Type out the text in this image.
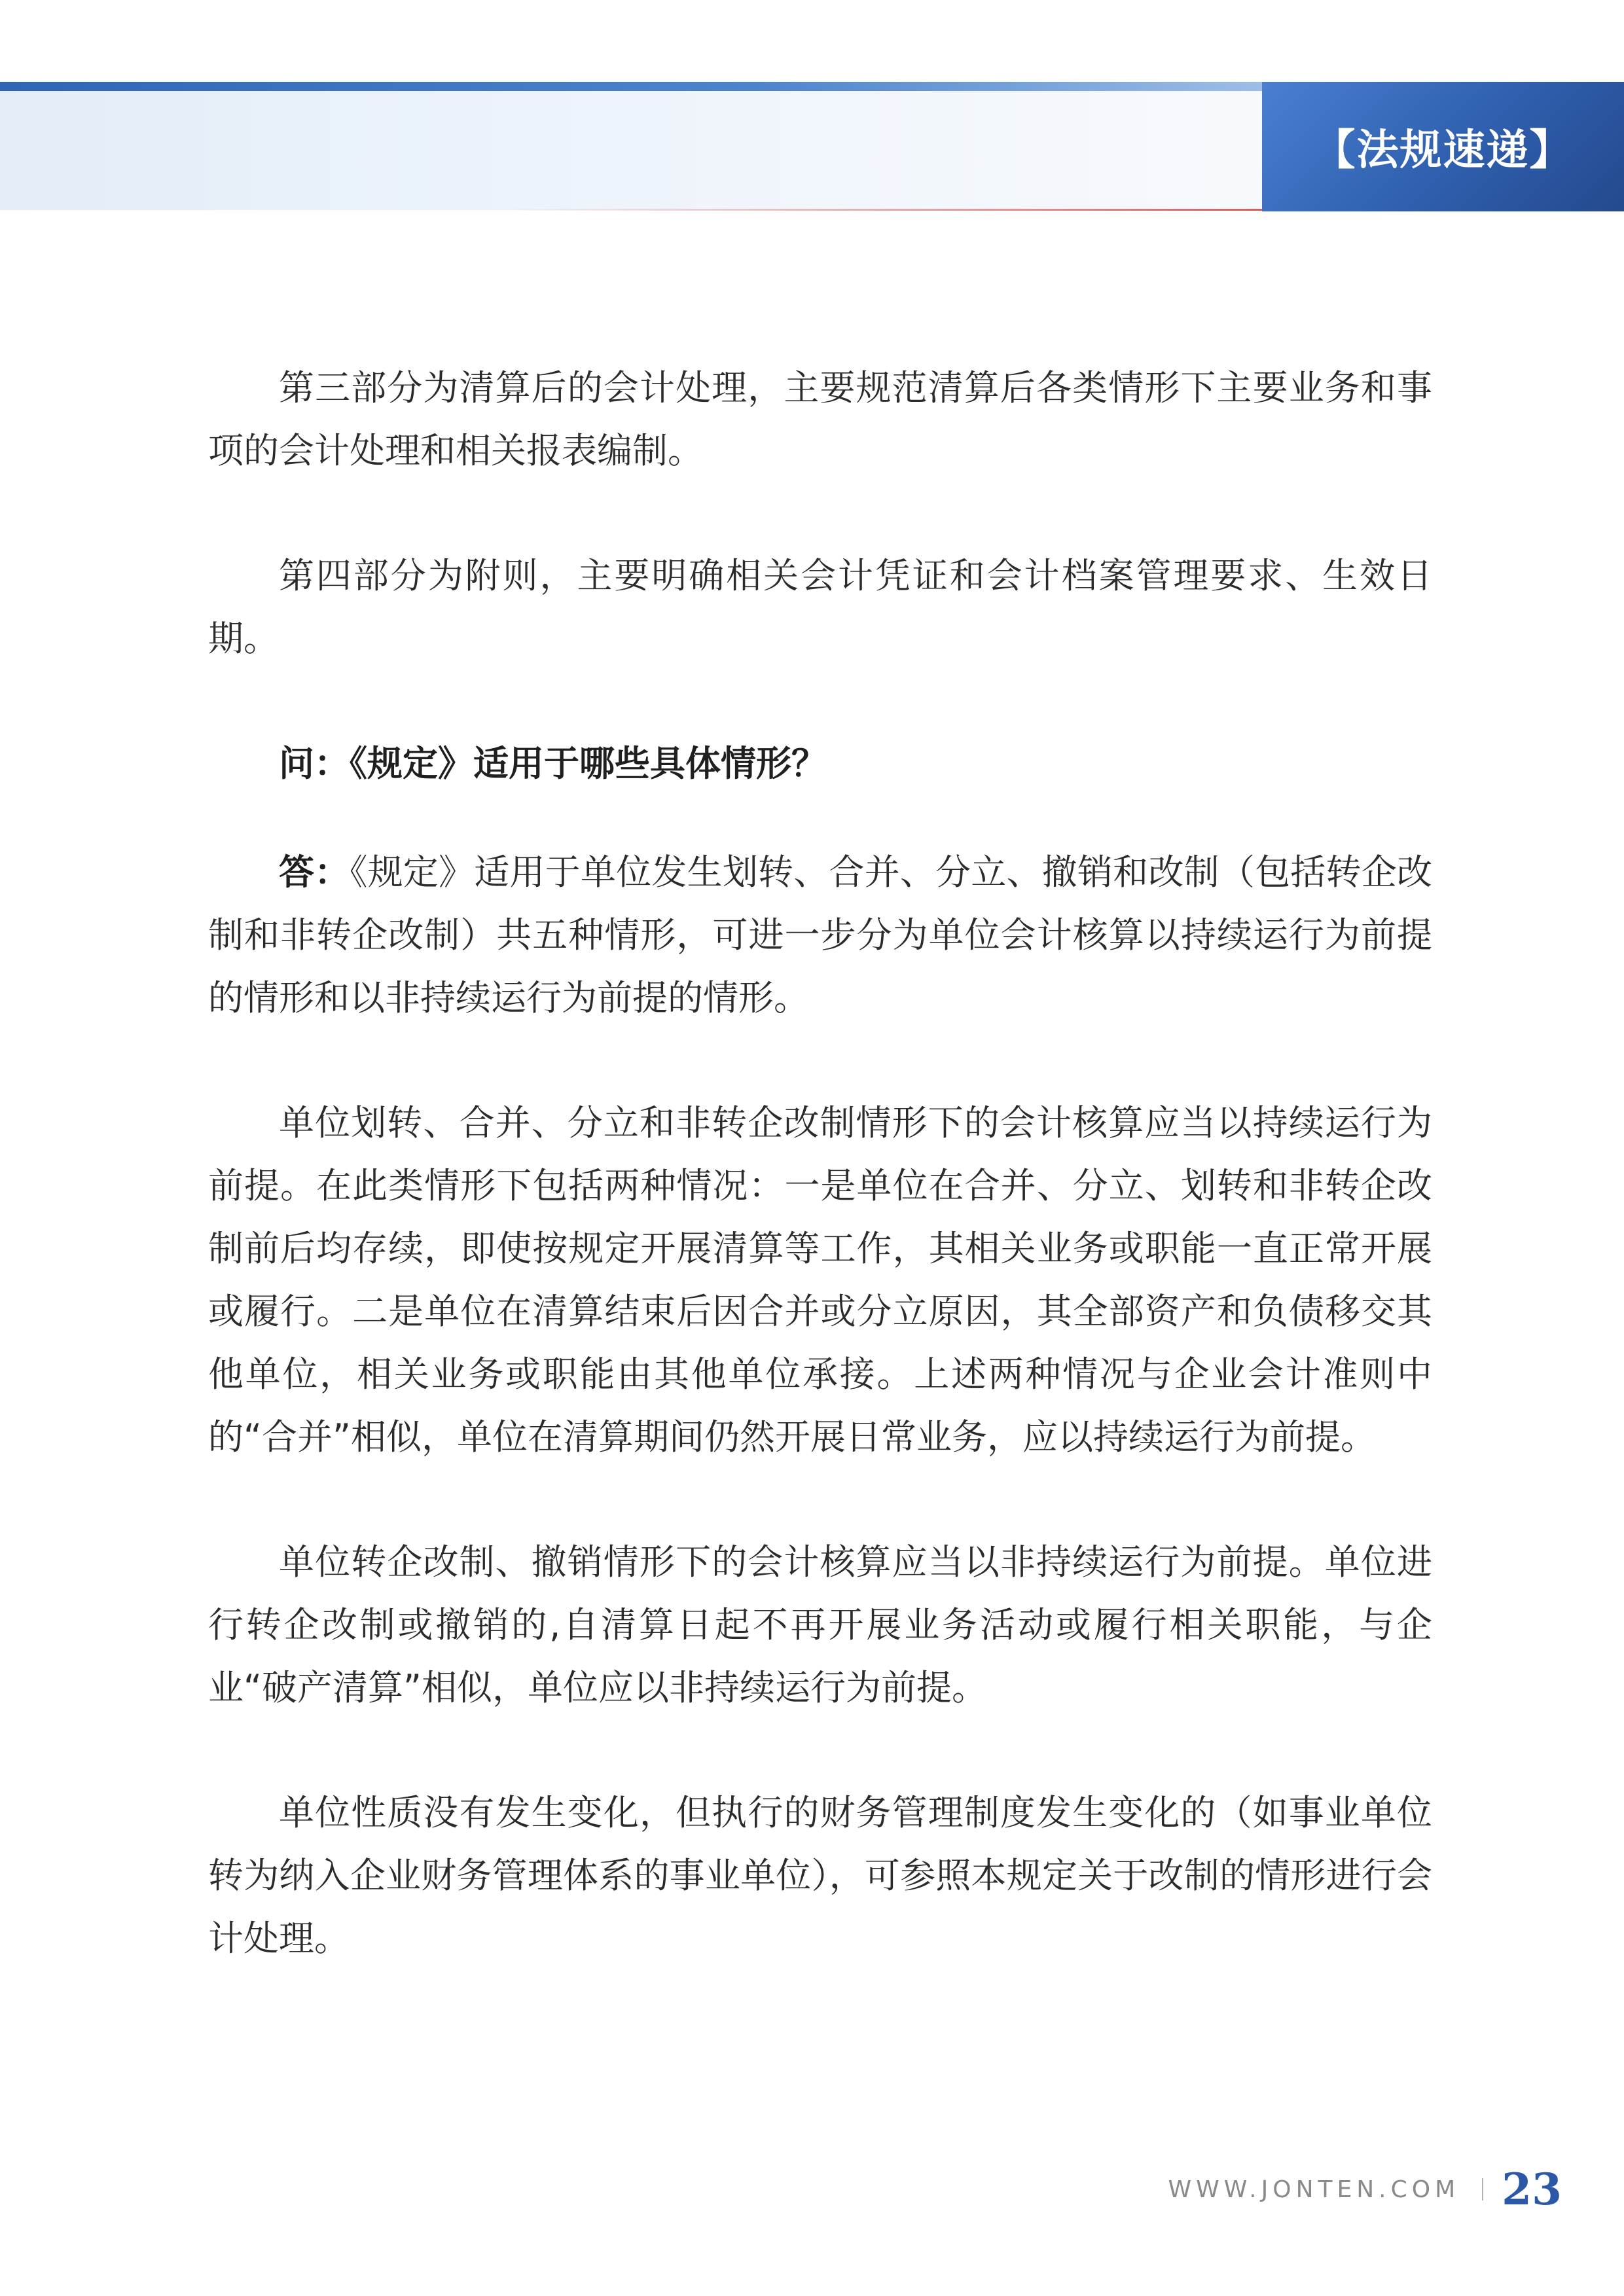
【法规速递】

第三部分为清算后的会计处理，主要规范清算后各类情形下主要业务和事项的会计处理和相关报表编制。

第四部分为附则，主要明确相关会计凭证和会计档案管理要求、生效日期。

问：《规定》适用于哪些具体情形？

答：《规定》适用于单位发生划转、合并、分立、撤销和改制（包括转企改制和非转企改制）共五种情形，可进一步分为单位会计核算以持续运行为前提的情形和以非持续运行为前提的情形。

单位划转、合并、分立和非转企改制情形下的会计核算应当以持续运行为前提。在此类情形下包括两种情况：一是单位在合并、分立、划转和非转企改制前后均存续，即使按规定开展清算等工作，其相关业务或职能一直正常开展或履行。二是单位在清算结束后因合并或分立原因，其全部资产和负债移交其他单位，相关业务或职能由其他单位承接。上述两种情况与企业会计准则中的“合并”相似，单位在清算期间仍然开展日常业务，应以持续运行为前提。

单位转企改制、撤销情形下的会计核算应当以非持续运行为前提。单位进行转企改制或撤销的,自清算日起不再开展业务活动或履行相关职能，与企业“破产清算”相似，单位应以非持续运行为前提。

单位性质没有发生变化，但执行的财务管理制度发生变化的（如事业单位转为纳入企业财务管理体系的事业单位），可参照本规定关于改制的情形进行会计处理。

WWW.JONTEN.COM 23
